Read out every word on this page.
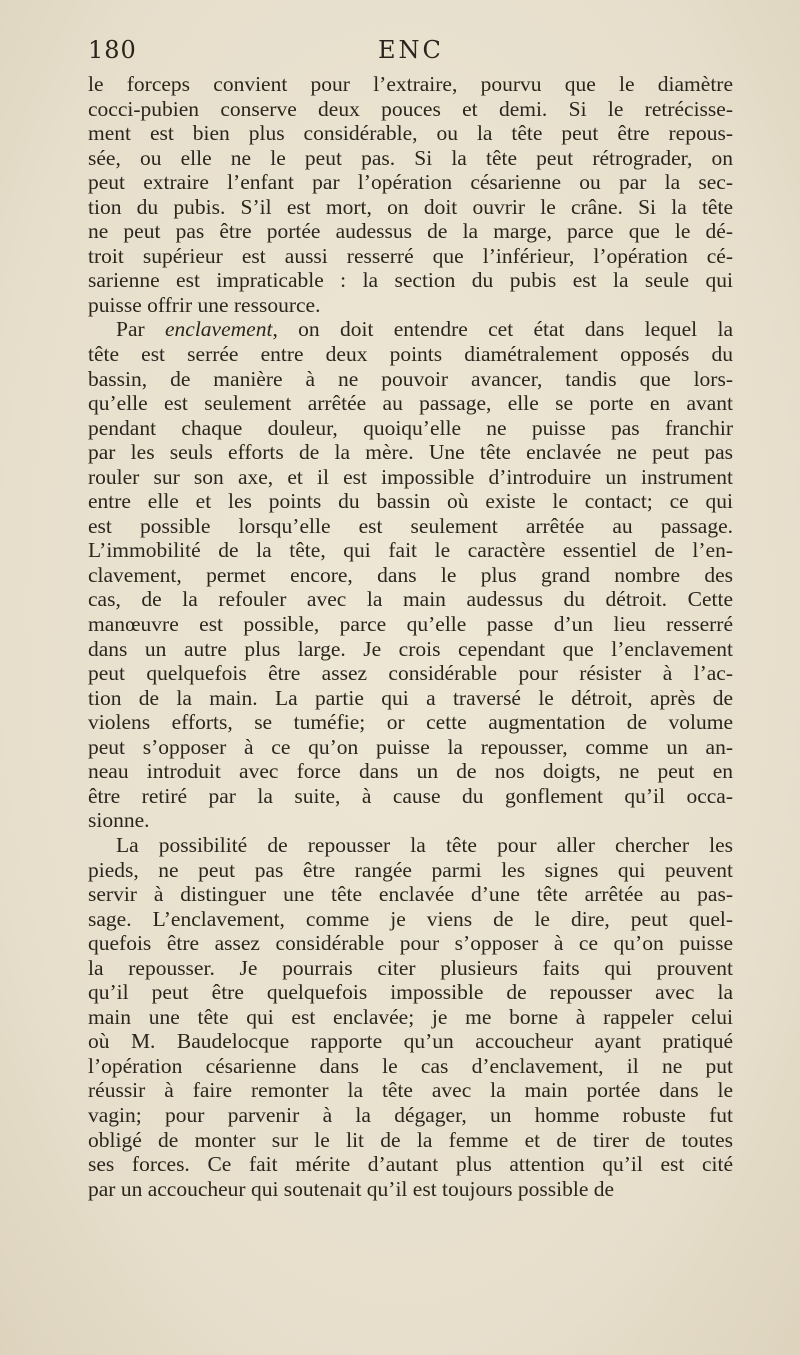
180	ENC
le forceps convient pour l’extraire, pourvu que le diamètre
cocci-pubien conserve deux pouces et demi. Si le retrécisse-
ment est bien plus considérable, ou la tête peut être repous-
sée, ou elle ne le peut pas. Si la tête peut rétrograder, on
peut extraire l’enfant par l’opération césarienne ou par la sec-
tion du pubis. S’il est mort, on doit ouvrir le crâne. Si la tête
ne peut pas être portée audessus de la marge, parce que le dé-
troit supérieur est aussi resserré que l’inférieur, l’opération cé-
sarienne est impraticable : la section du pubis est la seule qui
puisse offrir une ressource.
Par enclavement, on doit entendre cet état dans lequel la
tête est serrée entre deux points diamétralement opposés du
bassin, de manière à ne pouvoir avancer, tandis que lors-
qu’elle est seulement arrêtée au passage, elle se porte en avant
pendant chaque douleur, quoiqu’elle ne puisse pas franchir
par les seuls efforts de la mère. Une tête enclavée ne peut pas
rouler sur son axe, et il est impossible d’introduire un instrument
entre elle et les points du bassin où existe le contact; ce qui
est possible lorsqu’elle est seulement arrêtée au passage.
L’immobilité de la tête, qui fait le caractère essentiel de l’en-
clavement, permet encore, dans le plus grand nombre des
cas, de la refouler avec la main audessus du détroit. Cette
manœuvre est possible, parce qu’elle passe d’un lieu resserré
dans un autre plus large. Je crois cependant que l’enclavement
peut quelquefois être assez considérable pour résister à l’ac-
tion de la main. La partie qui a traversé le détroit, après de
violens efforts, se tuméfie; or cette augmentation de volume
peut s’opposer à ce qu’on puisse la repousser, comme un an-
neau introduit avec force dans un de nos doigts, ne peut en
être retiré par la suite, à cause du gonflement qu’il occa-
sionne.
La possibilité de repousser la tête pour aller chercher les
pieds, ne peut pas être rangée parmi les signes qui peuvent
servir à distinguer une tête enclavée d’une tête arrêtée au pas-
sage. L’enclavement, comme je viens de le dire, peut quel-
quefois être assez considérable pour s’opposer à ce qu’on puisse
la repousser. Je pourrais citer plusieurs faits qui prouvent
qu’il peut être quelquefois impossible de repousser avec la
main une tête qui est enclavée; je me borne à rappeler celui
où M. Baudelocque rapporte qu’un accoucheur ayant pratiqué
l’opération césarienne dans le cas d’enclavement, il ne put
réussir à faire remonter la tête avec la main portée dans le
vagin; pour parvenir à la dégager, un homme robuste fut
obligé de monter sur le lit de la femme et de tirer de toutes
ses forces. Ce fait mérite d’autant plus attention qu’il est cité
par un accoucheur qui soutenait qu’il est toujours possible de
